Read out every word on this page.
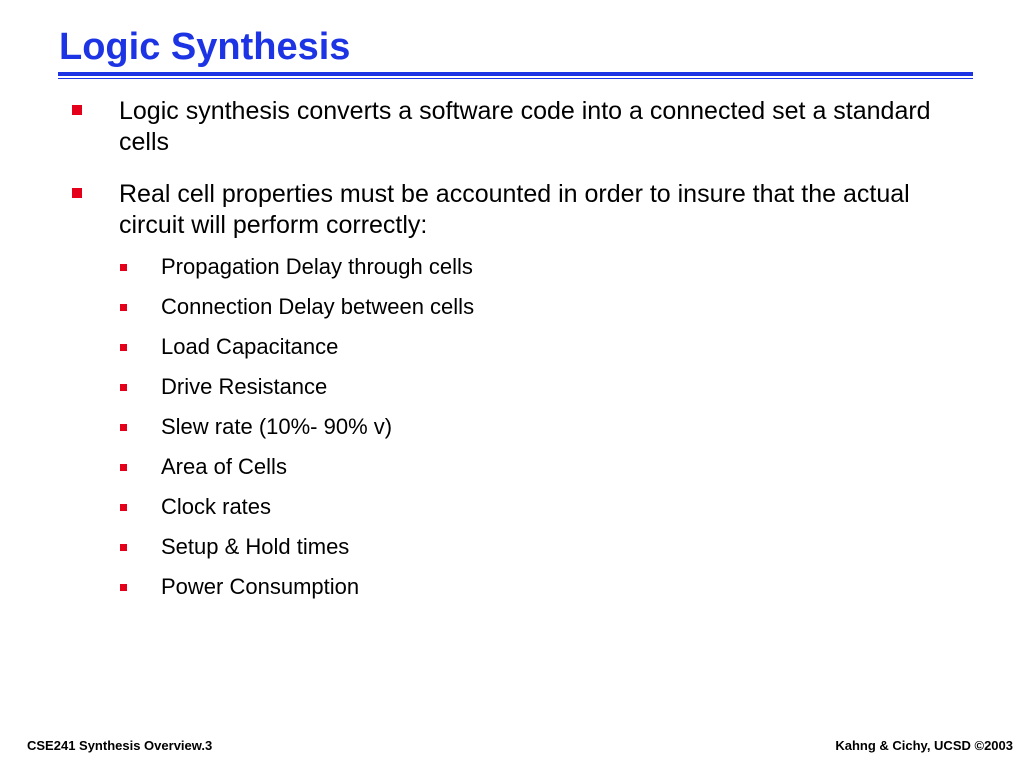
Logic Synthesis
Logic synthesis converts a software code into a connected set a standard cells
Real cell properties must be accounted in order to insure that the actual circuit will perform correctly:
Propagation Delay through cells
Connection Delay between cells
Load Capacitance
Drive Resistance
Slew rate (10%- 90% v)
Area of Cells
Clock rates
Setup & Hold times
Power Consumption
CSE241 Synthesis Overview.3	Kahng & Cichy, UCSD ©2003
